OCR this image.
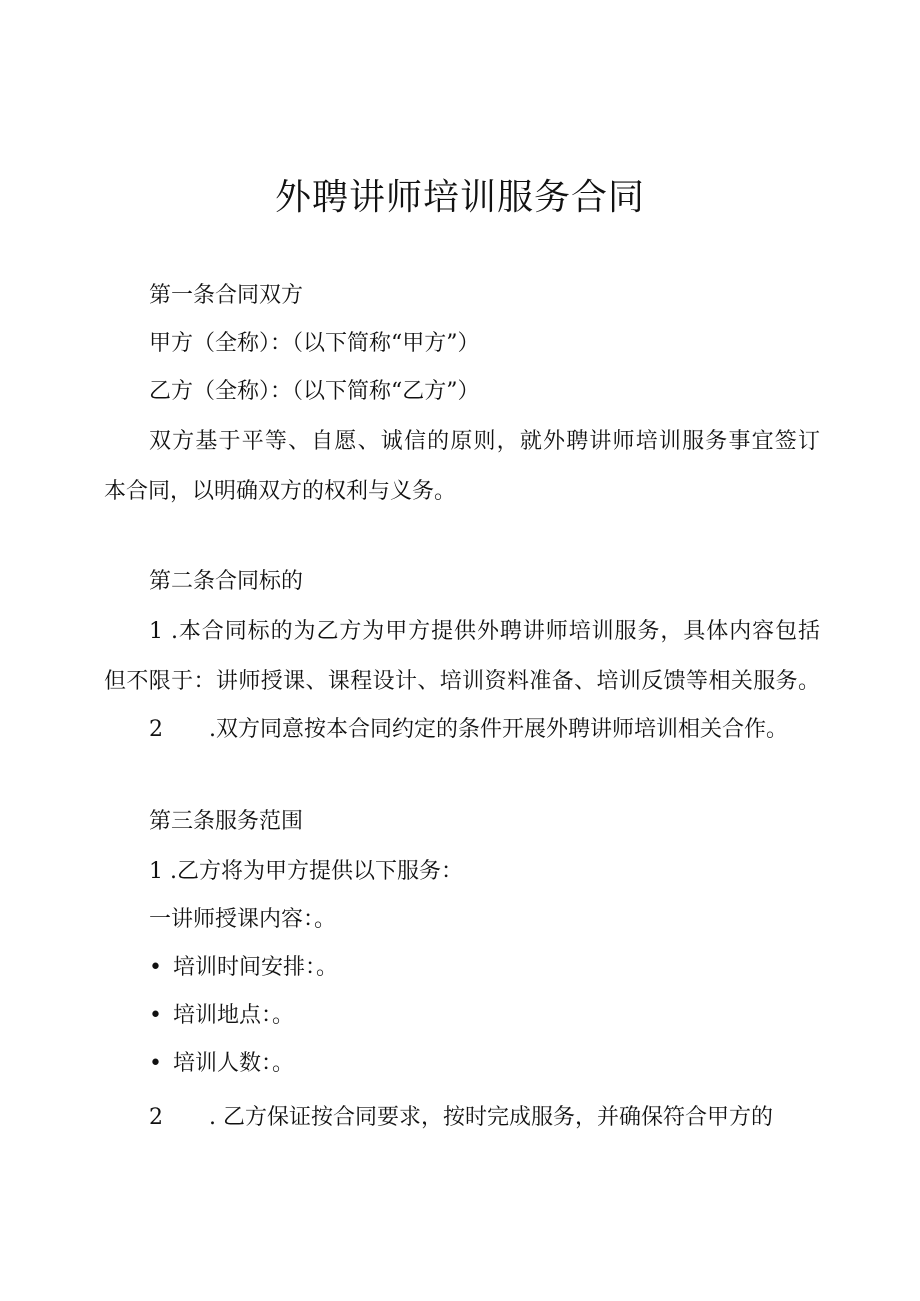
外聘讲师培训服务合同

第一条合同双方

甲方（全称）：（以下简称“甲方”）

乙方（全称）：（以下简称“乙方”）

双方基于平等、自愿、诚信的原则，就外聘讲师培训服务事宜签订

本合同，以明确双方的权利与义务。

第二条合同标的

1 .本合同标的为乙方为甲方提供外聘讲师培训服务，具体内容包括

但不限于：讲师授课、课程设计、培训资料准备、培训反馈等相关服务。

2 .双方同意按本合同约定的条件开展外聘讲师培训相关合作。

第三条服务范围

1 .乙方将为甲方提供以下服务：

一讲师授课内容：。

• 培训时间安排：。

• 培训地点：。

• 培训人数：。

2 . 乙方保证按合同要求，按时完成服务，并确保符合甲方的
